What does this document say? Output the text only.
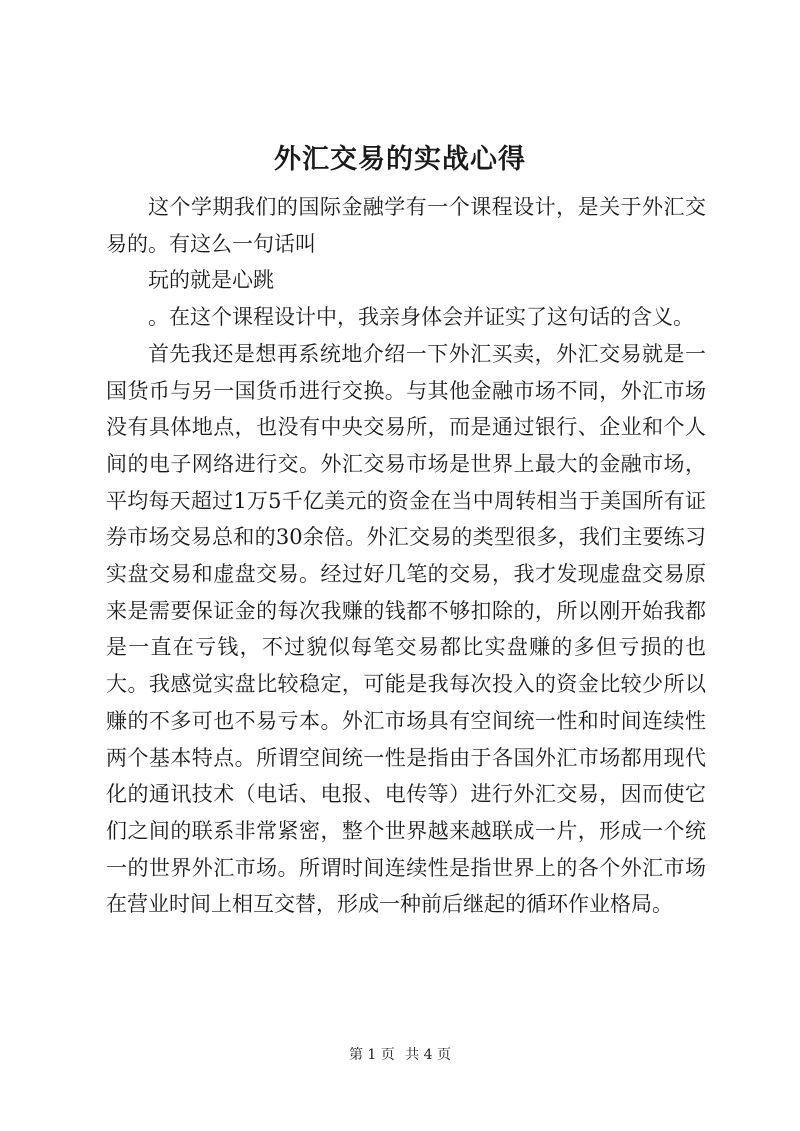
外汇交易的实战心得

这个学期我们的国际金融学有一个课程设计，是关于外汇交易的。有这么一句话叫

玩的就是心跳

。在这个课程设计中，我亲身体会并证实了这句话的含义。

首先我还是想再系统地介绍一下外汇买卖，外汇交易就是一国货币与另一国货币进行交换。与其他金融市场不同，外汇市场没有具体地点，也没有中央交易所，而是通过银行、企业和个人间的电子网络进行交。外汇交易市场是世界上最大的金融市场，平均每天超过1万5千亿美元的资金在当中周转相当于美国所有证券市场交易总和的30余倍。外汇交易的类型很多，我们主要练习实盘交易和虚盘交易。经过好几笔的交易，我才发现虚盘交易原来是需要保证金的每次我赚的钱都不够扣除的，所以刚开始我都是一直在亏钱，不过貌似每笔交易都比实盘赚的多但亏损的也大。我感觉实盘比较稳定，可能是我每次投入的资金比较少所以赚的不多可也不易亏本。外汇市场具有空间统一性和时间连续性两个基本特点。所谓空间统一性是指由于各国外汇市场都用现代化的通讯技术（电话、电报、电传等）进行外汇交易，因而使它们之间的联系非常紧密，整个世界越来越联成一片，形成一个统一的世界外汇市场。所谓时间连续性是指世界上的各个外汇市场在营业时间上相互交替，形成一种前后继起的循环作业格局。

第 1 页 共 4 页
